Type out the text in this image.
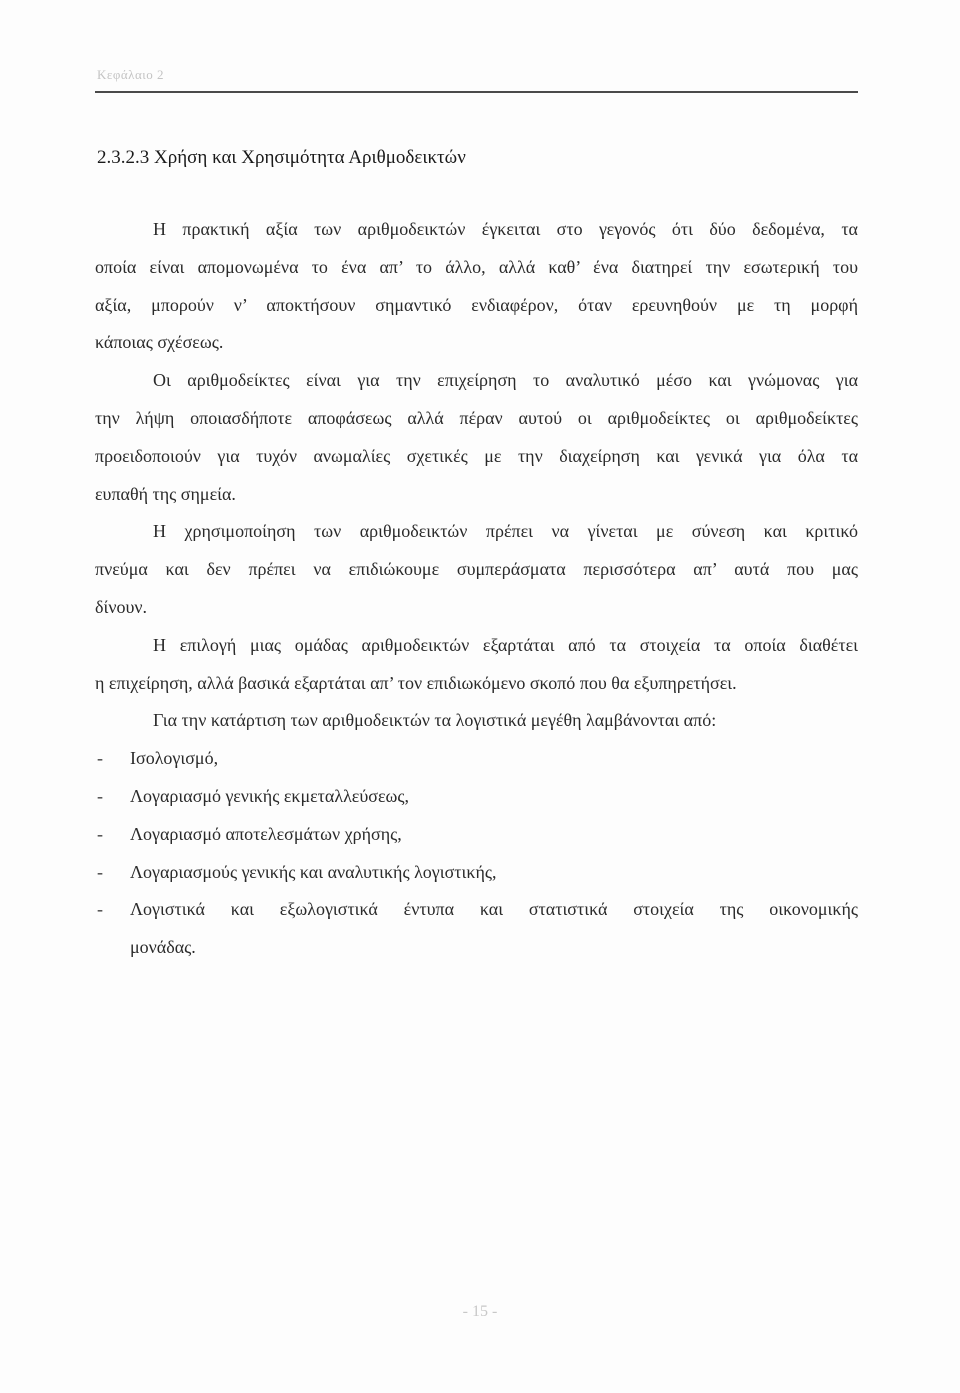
Κεφάλαιο 2
2.3.2.3 Χρήση και Χρησιμότητα Αριθμοδεικτών
Η πρακτική αξία των αριθμοδεικτών έγκειται στο γεγονός ότι δύο δεδομένα, τα
οποία είναι απομονωμένα το ένα απ’ το άλλο, αλλά καθ’ ένα διατηρεί την εσωτερική του
αξία, μπορούν ν’ αποκτήσουν σημαντικό ενδιαφέρον, όταν ερευνηθούν με τη μορφή
κάποιας σχέσεως.
Οι αριθμοδείκτες είναι για την επιχείρηση το αναλυτικό μέσο και γνώμονας για
την λήψη οποιασδήποτε αποφάσεως αλλά πέραν αυτού οι αριθμοδείκτες οι αριθμοδείκτες
προειδοποιούν για τυχόν ανωμαλίες σχετικές με την διαχείρηση και γενικά για όλα τα
ευπαθή της σημεία.
Η χρησιμοποίηση των αριθμοδεικτών πρέπει να γίνεται με σύνεση και κριτικό
πνεύμα και δεν πρέπει να επιδιώκουμε συμπεράσματα περισσότερα απ’ αυτά που μας
δίνουν.
Η επιλογή μιας ομάδας αριθμοδεικτών εξαρτάται από τα στοιχεία τα οποία διαθέτει
η επιχείρηση, αλλά βασικά εξαρτάται απ’ τον επιδιωκόμενο σκοπό που θα εξυπηρετήσει.
Για την κατάρτιση των αριθμοδεικτών τα λογιστικά μεγέθη λαμβάνονται από:
- Ισολογισμό,
- Λογαριασμό γενικής εκμεταλλεύσεως,
- Λογαριασμό αποτελεσμάτων χρήσης,
- Λογαριασμούς γενικής και αναλυτικής λογιστικής,
- Λογιστικά και εξωλογιστικά έντυπα και στατιστικά στοιχεία της οικονομικής
μονάδας.
- 15 -
